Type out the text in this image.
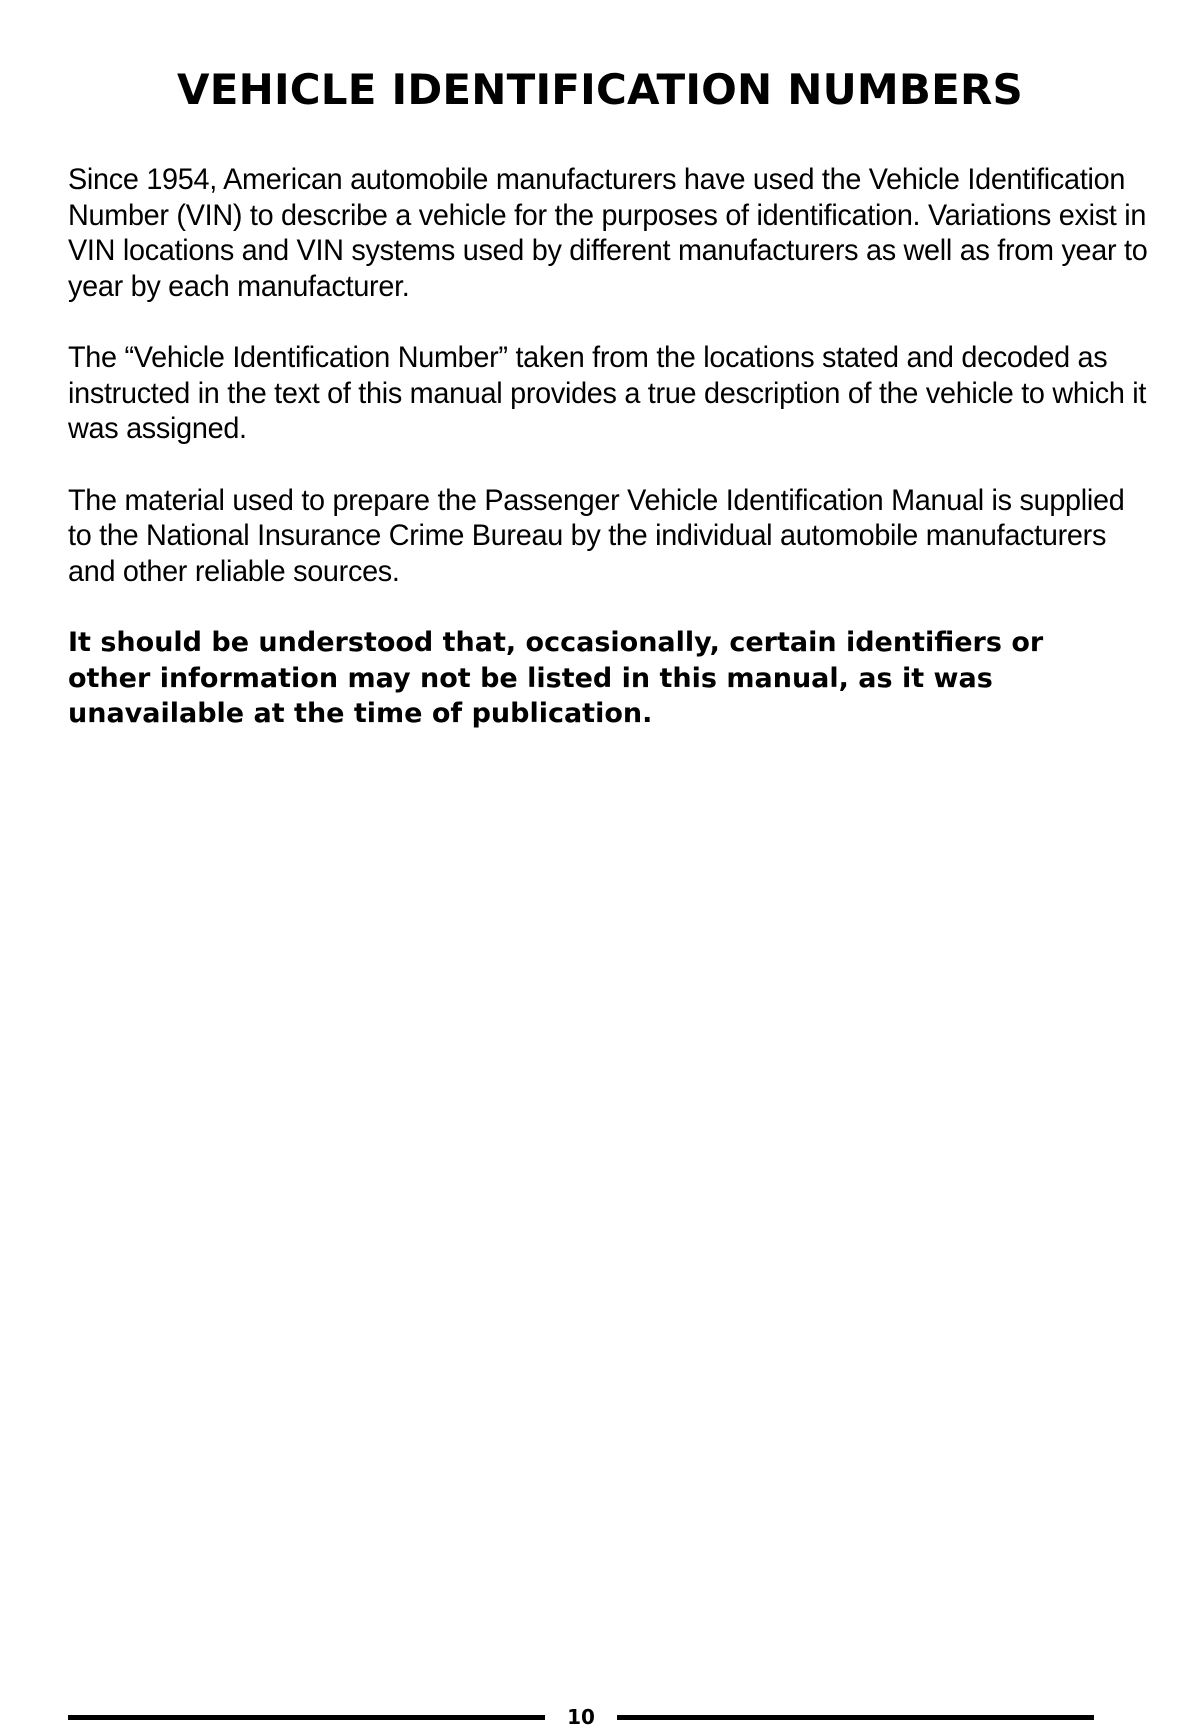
VEHICLE IDENTIFICATION NUMBERS

Since 1954, American automobile manufacturers have used the Vehicle Identification Number (VIN) to describe a vehicle for the purposes of identification. Variations exist in VIN locations and VIN systems used by different manufacturers as well as from year to year by each manufacturer.

The “Vehicle Identification Number” taken from the locations stated and decoded as instructed in the text of this manual provides a true description of the vehicle to which it was assigned.

The material used to prepare the Passenger Vehicle Identification Manual is supplied to the National Insurance Crime Bureau by the individual automobile manufacturers and other reliable sources.

It should be understood that, occasionally, certain identifiers or other information may not be listed in this manual, as it was unavailable at the time of publication.

10
